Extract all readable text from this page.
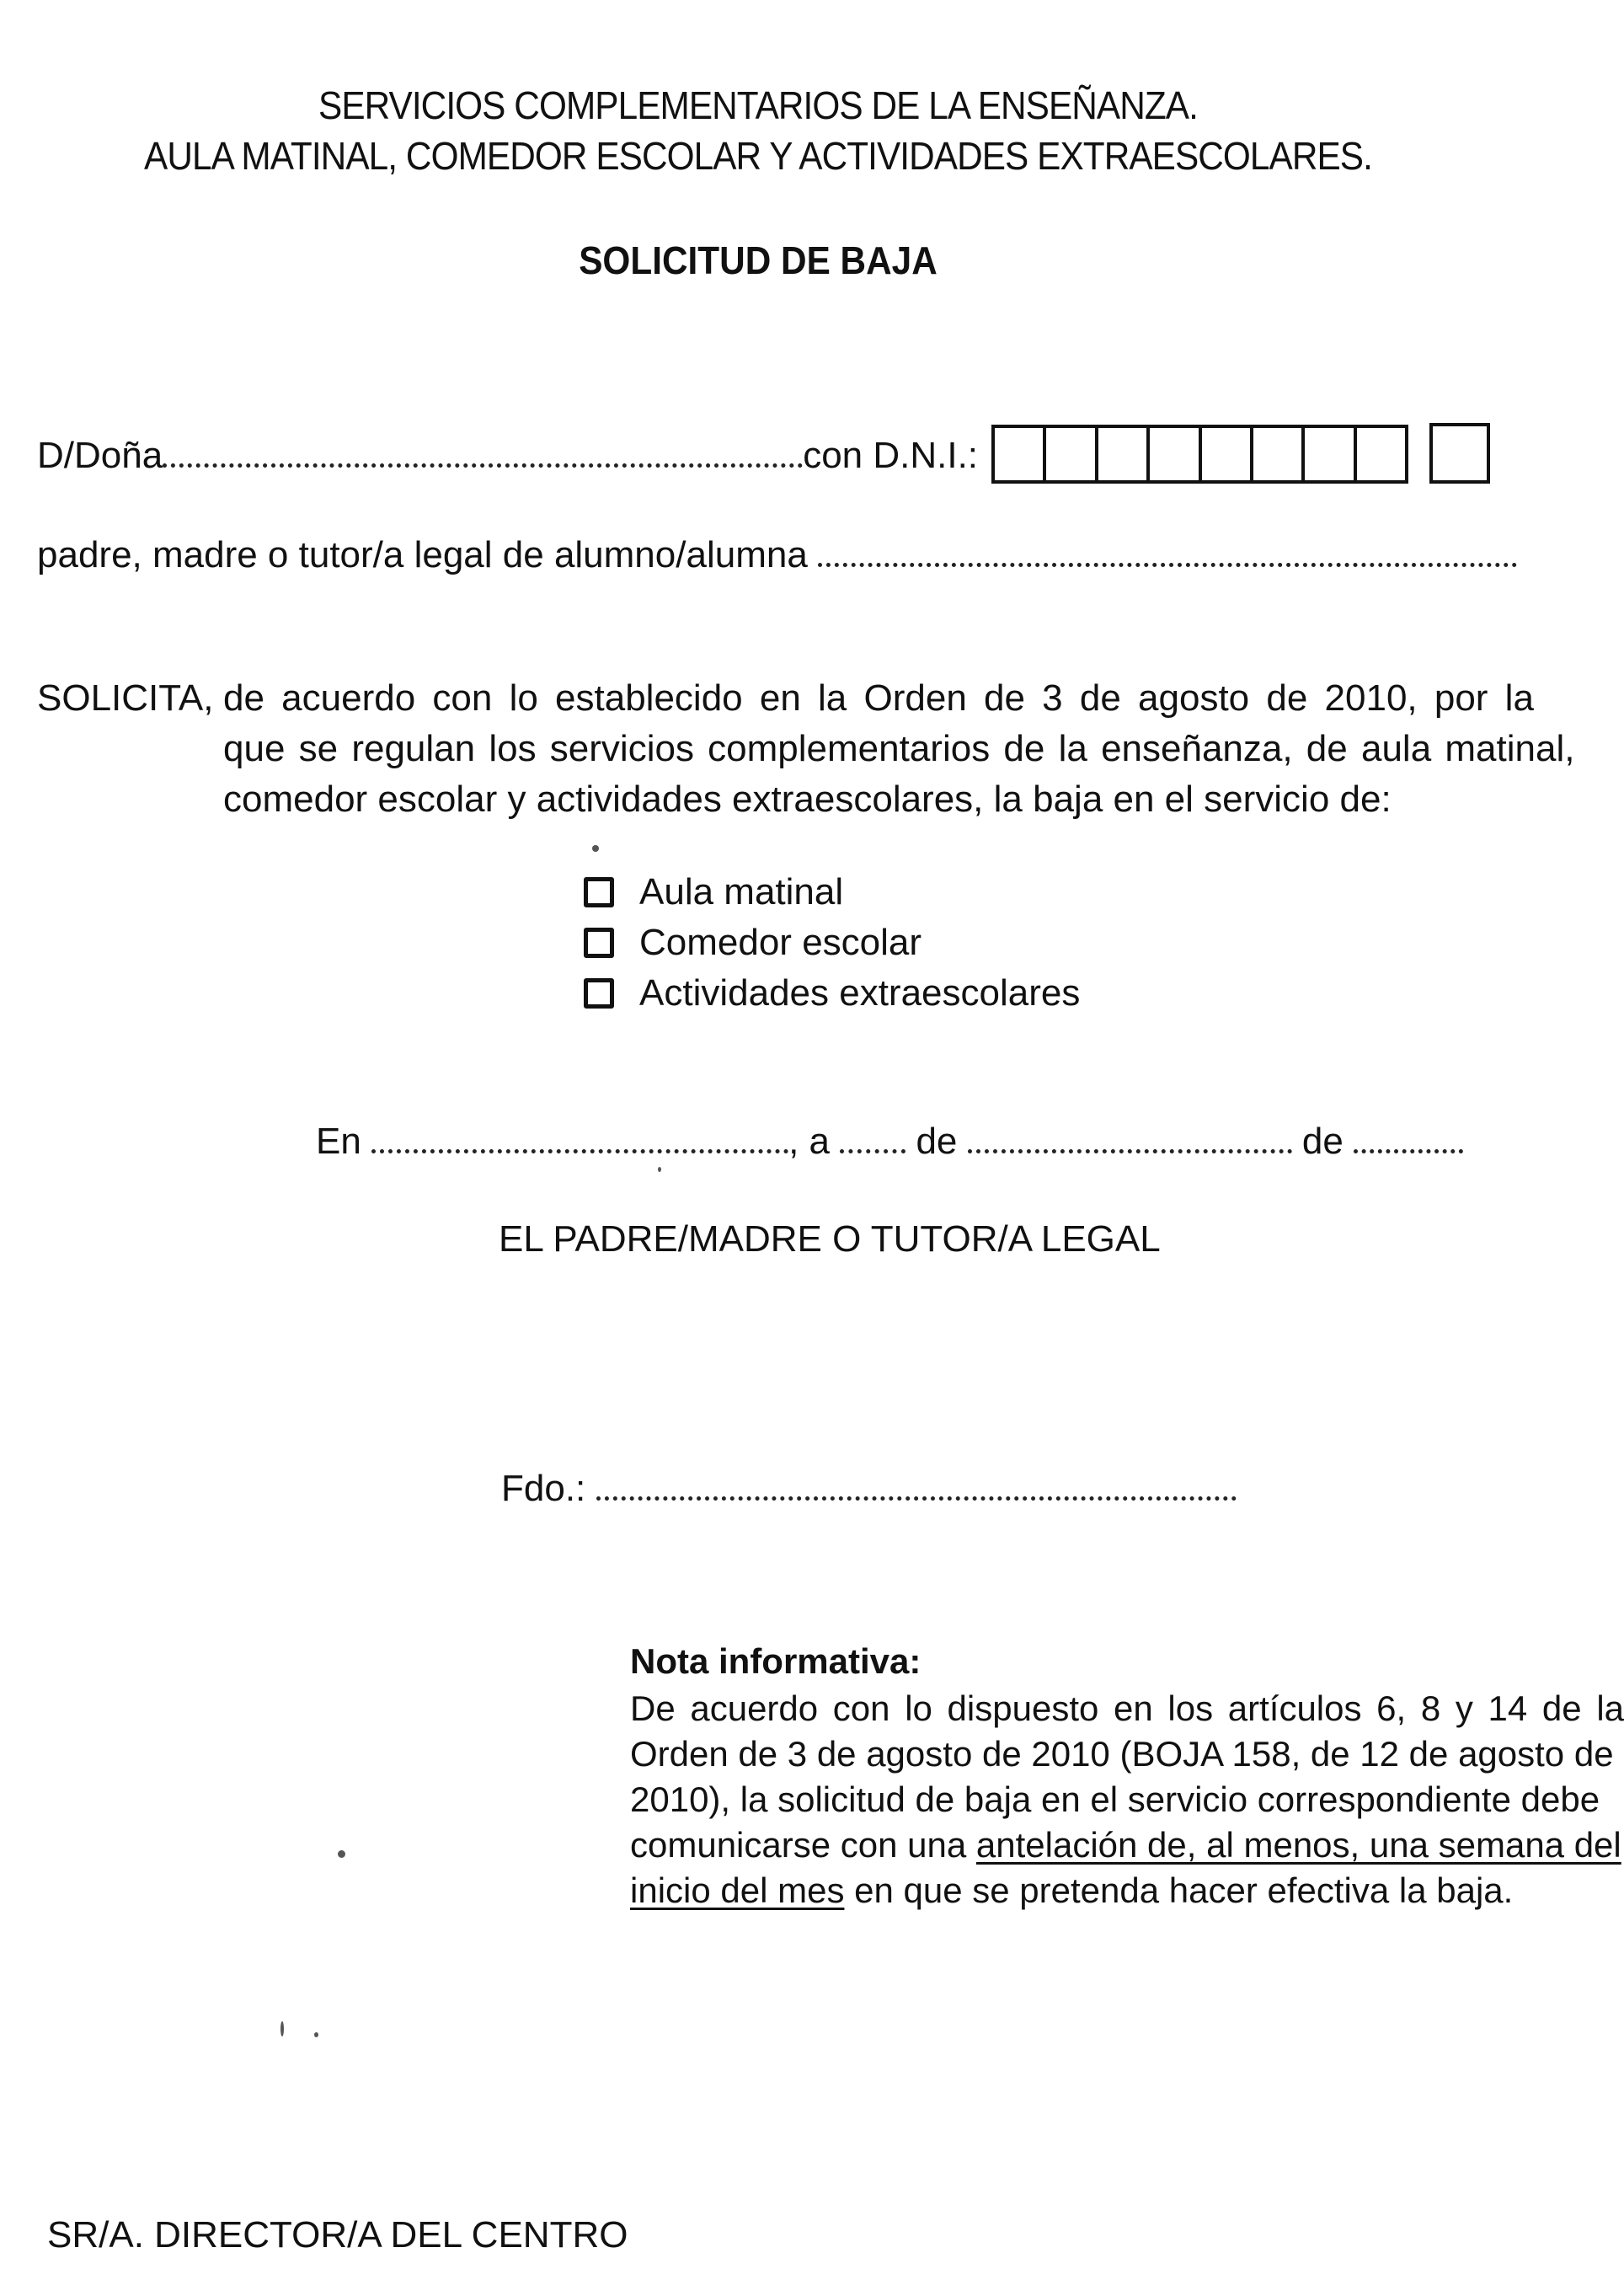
SERVICIOS COMPLEMENTARIOS DE LA ENSEÑANZA.
AULA MATINAL, COMEDOR ESCOLAR Y ACTIVIDADES EXTRAESCOLARES.
SOLICITUD DE BAJA
D/Doña	con D.N.I.:
padre, madre o tutor/a legal de alumno/alumna
SOLICITA, de acuerdo con lo establecido en la Orden de 3 de agosto de 2010, por la
que se regulan los servicios complementarios de la enseñanza, de aula matinal,
comedor escolar y actividades extraescolares, la baja en el servicio de:
Aula matinal
Comedor escolar
Actividades extraescolares
En	, a de	de
EL PADRE/MADRE O TUTOR/A LEGAL
Fdo.:
Nota informativa:
De acuerdo con lo dispuesto en los artículos 6, 8 y 14 de la
Orden de 3 de agosto de 2010 (BOJA 158, de 12 de agosto de
2010), la solicitud de baja en el servicio correspondiente debe
comunicarse con una antelación de, al menos, una semana del
inicio del mes en que se pretenda hacer efectiva la baja.
SR/A. DIRECTOR/A DEL CENTRO
